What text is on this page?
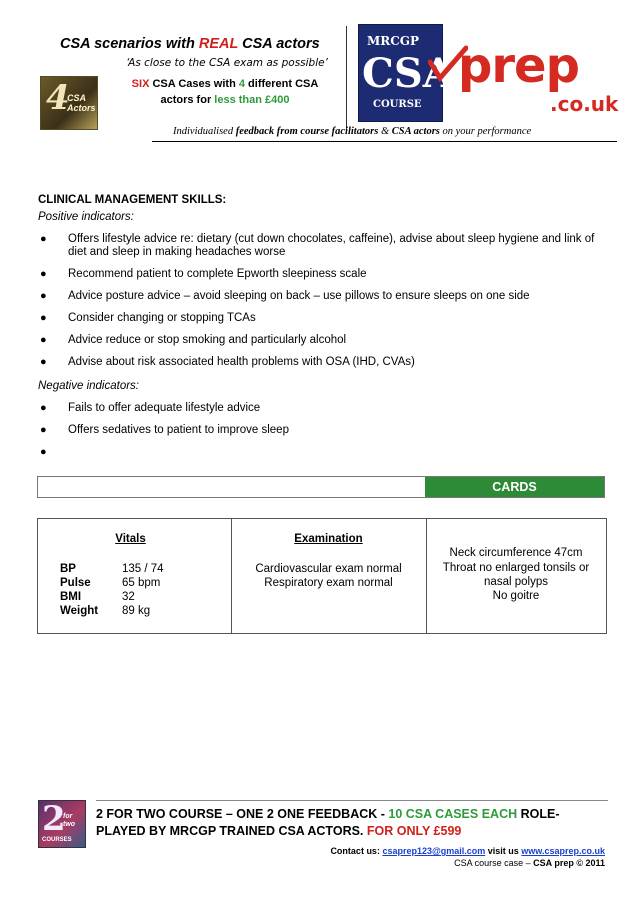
CSA scenarios with REAL CSA actors
‘As close to the CSA exam as possible’
4
CSA Actors
SIX CSA Cases with 4 different CSA
actors for less than £400
MRCGP
CSA
COURSE
prep
.co.uk
Individualised feedback from course facilitators & CSA actors on your performance
CLINICAL MANAGEMENT SKILLS:
Positive indicators:
● Offers lifestyle advice re: dietary (cut down chocolates, caffeine), advise about sleep hygiene and link of diet and sleep in making headaches worse
● Recommend patient to complete Epworth sleepiness scale
● Advice posture advice – avoid sleeping on back – use pillows to ensure sleeps on one side
● Consider changing or stopping TCAs
● Advice reduce or stop smoking and particularly alcohol
● Advise about risk associated health problems with OSA (IHD, CVAs)
Negative indicators:
● Fails to offer adequate lifestyle advice
● Offers sedatives to patient to improve sleep
●
CARDS
Vitals
BP	135 / 74
Pulse	65 bpm
BMI	32
Weight 89 kg
Examination
Cardiovascular exam normal
Respiratory exam normal
Neck circumference 47cm
Throat no enlarged tonsils or
nasal polyps
No goitre
2
for two
COURSES
2 FOR TWO COURSE – ONE 2 ONE FEEDBACK - 10 CSA CASES EACH ROLE-PLAYED BY MRCGP TRAINED CSA ACTORS. FOR ONLY £599
Contact us: csaprep123@gmail.com visit us www.csaprep.co.uk
CSA course case – CSA prep © 2011
